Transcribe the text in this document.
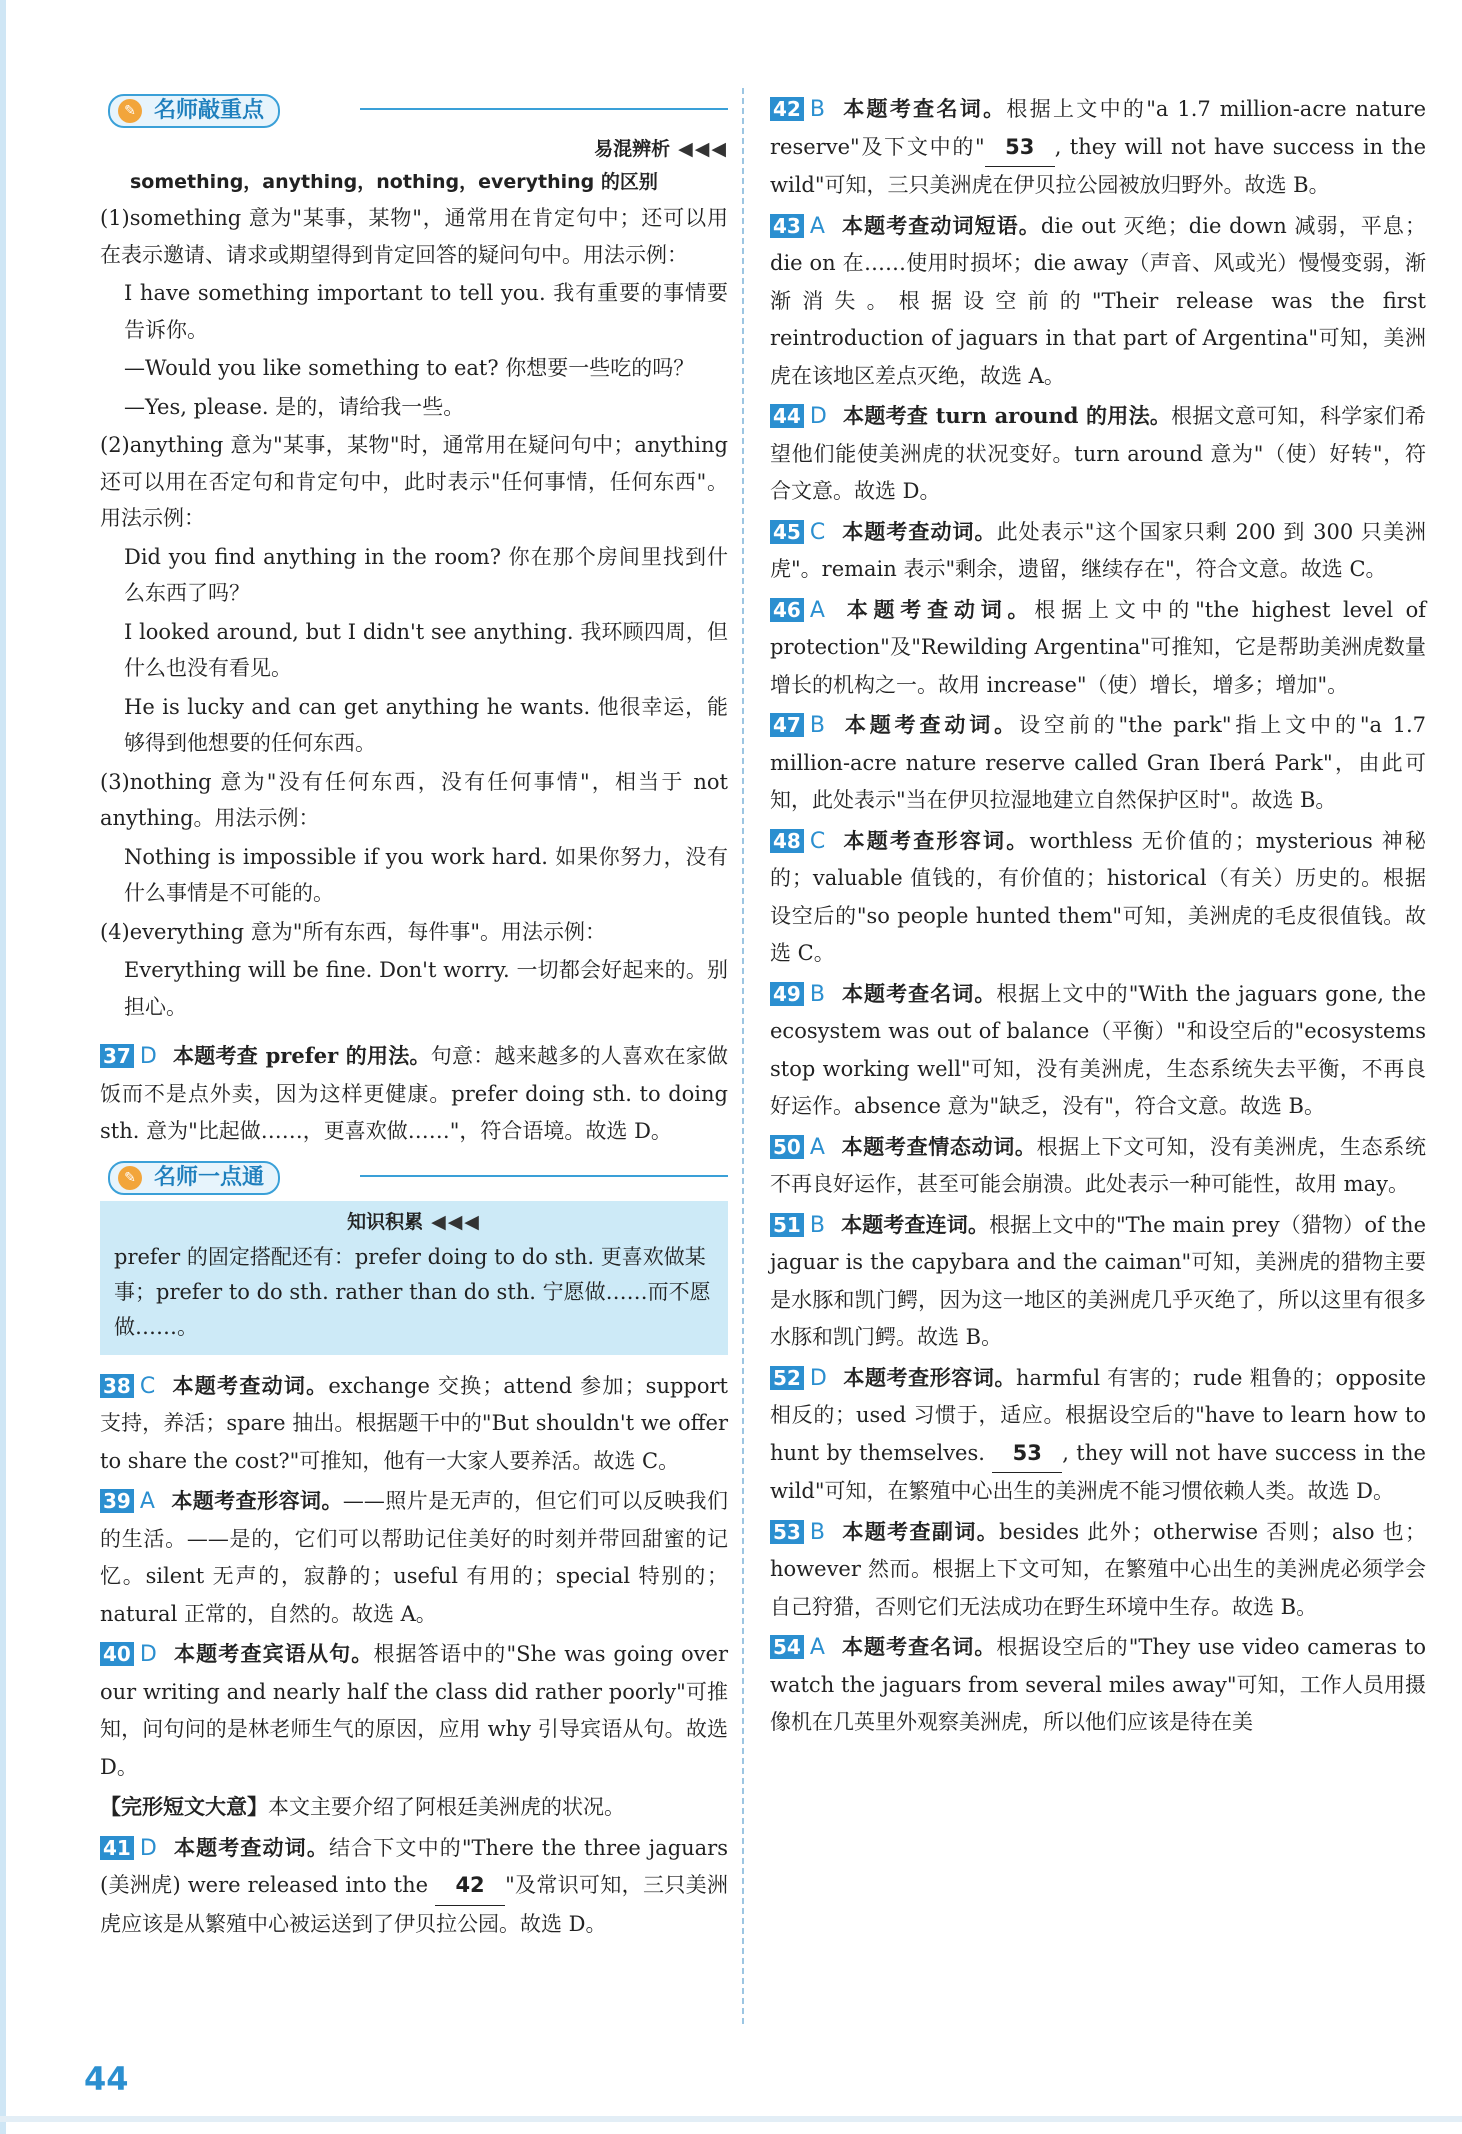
✎ 名师敲重点
易混辨析 ◀◀◀
something，anything，nothing，everything 的区别

(1)something 意为"某事，某物"，通常用在肯定句中；还可以用在表示邀请、请求或期望得到肯定回答的疑问句中。用法示例：

I have something important to tell you. 我有重要的事情要告诉你。

—Would you like something to eat? 你想要一些吃的吗？

—Yes, please. 是的，请给我一些。

(2)anything 意为"某事，某物"时，通常用在疑问句中；anything 还可以用在否定句和肯定句中，此时表示"任何事情，任何东西"。用法示例：

Did you find anything in the room? 你在那个房间里找到什么东西了吗？

I looked around, but I didn't see anything. 我环顾四周，但什么也没有看见。

He is lucky and can get anything he wants. 他很幸运，能够得到他想要的任何东西。

(3)nothing 意为"没有任何东西，没有任何事情"，相当于 not anything。用法示例：

Nothing is impossible if you work hard. 如果你努力，没有什么事情是不可能的。

(4)everything 意为"所有东西，每件事"。用法示例：

Everything will be fine. Don't worry. 一切都会好起来的。别担心。

37 D 本题考查 prefer 的用法。句意：越来越多的人喜欢在家做饭而不是点外卖，因为这样更健康。prefer doing sth. to doing sth. 意为"比起做……，更喜欢做……"，符合语境。故选 D。

✎ 名师一点通
知识积累 ◀◀◀

prefer 的固定搭配还有：prefer doing to do sth. 更喜欢做某事；prefer to do sth. rather than do sth. 宁愿做……而不愿做……。

38 C 本题考查动词。exchange 交换；attend 参加；support 支持，养活；spare 抽出。根据题干中的"But shouldn't we offer to share the cost?"可推知，他有一大家人要养活。故选 C。

39 A 本题考查形容词。——照片是无声的，但它们可以反映我们的生活。——是的，它们可以帮助记住美好的时刻并带回甜蜜的记忆。silent 无声的，寂静的；useful 有用的；special 特别的；natural 正常的，自然的。故选 A。

40 D 本题考查宾语从句。根据答语中的"She was going over our writing and nearly half the class did rather poorly"可推知，问句问的是林老师生气的原因，应用 why 引导宾语从句。故选 D。

【完形短文大意】本文主要介绍了阿根廷美洲虎的状况。

41 D 本题考查动词。结合下文中的"There the three jaguars (美洲虎) were released into the 42 "及常识可知，三只美洲虎应该是从繁殖中心被运送到了伊贝拉公园。故选 D。

42 B 本题考查名词。根据上文中的"a 1.7 million-acre nature reserve"及下文中的" 53 , they will not have success in the wild"可知，三只美洲虎在伊贝拉公园被放归野外。故选 B。

43 A 本题考查动词短语。die out 灭绝；die down 减弱，平息；die on 在……使用时损坏；die away（声音、风或光）慢慢变弱，渐渐消失。根据设空前的"Their release was the first reintroduction of jaguars in that part of Argentina"可知，美洲虎在该地区差点灭绝，故选 A。

44 D 本题考查 turn around 的用法。根据文意可知，科学家们希望他们能使美洲虎的状况变好。turn around 意为"（使）好转"，符合文意。故选 D。

45 C 本题考查动词。此处表示"这个国家只剩 200 到 300 只美洲虎"。remain 表示"剩余，遗留，继续存在"，符合文意。故选 C。

46 A 本题考查动词。根据上文中的"the highest level of protection"及"Rewilding Argentina"可推知，它是帮助美洲虎数量增长的机构之一。故用 increase"（使）增长，增多；增加"。

47 B 本题考查动词。设空前的"the park"指上文中的"a 1.7 million-acre nature reserve called Gran Iberá Park"，由此可知，此处表示"当在伊贝拉湿地建立自然保护区时"。故选 B。

48 C 本题考查形容词。worthless 无价值的；mysterious 神秘的；valuable 值钱的，有价值的；historical（有关）历史的。根据设空后的"so people hunted them"可知，美洲虎的毛皮很值钱。故选 C。

49 B 本题考查名词。根据上文中的"With the jaguars gone, the ecosystem was out of balance（平衡）"和设空后的"ecosystems stop working well"可知，没有美洲虎，生态系统失去平衡，不再良好运作。absence 意为"缺乏，没有"，符合文意。故选 B。

50 A 本题考查情态动词。根据上下文可知，没有美洲虎，生态系统不再良好运作，甚至可能会崩溃。此处表示一种可能性，故用 may。

51 B 本题考查连词。根据上文中的"The main prey（猎物）of the jaguar is the capybara and the caiman"可知，美洲虎的猎物主要是水豚和凯门鳄，因为这一地区的美洲虎几乎灭绝了，所以这里有很多水豚和凯门鳄。故选 B。

52 D 本题考查形容词。harmful 有害的；rude 粗鲁的；opposite 相反的；used 习惯于，适应。根据设空后的"have to learn how to hunt by themselves. 53 , they will not have success in the wild"可知，在繁殖中心出生的美洲虎不能习惯依赖人类。故选 D。

53 B 本题考查副词。besides 此外；otherwise 否则；also 也；however 然而。根据上下文可知，在繁殖中心出生的美洲虎必须学会自己狩猎，否则它们无法成功在野生环境中生存。故选 B。

54 A 本题考查名词。根据设空后的"They use video cameras to watch the jaguars from several miles away"可知，工作人员用摄像机在几英里外观察美洲虎，所以他们应该是待在美

44
